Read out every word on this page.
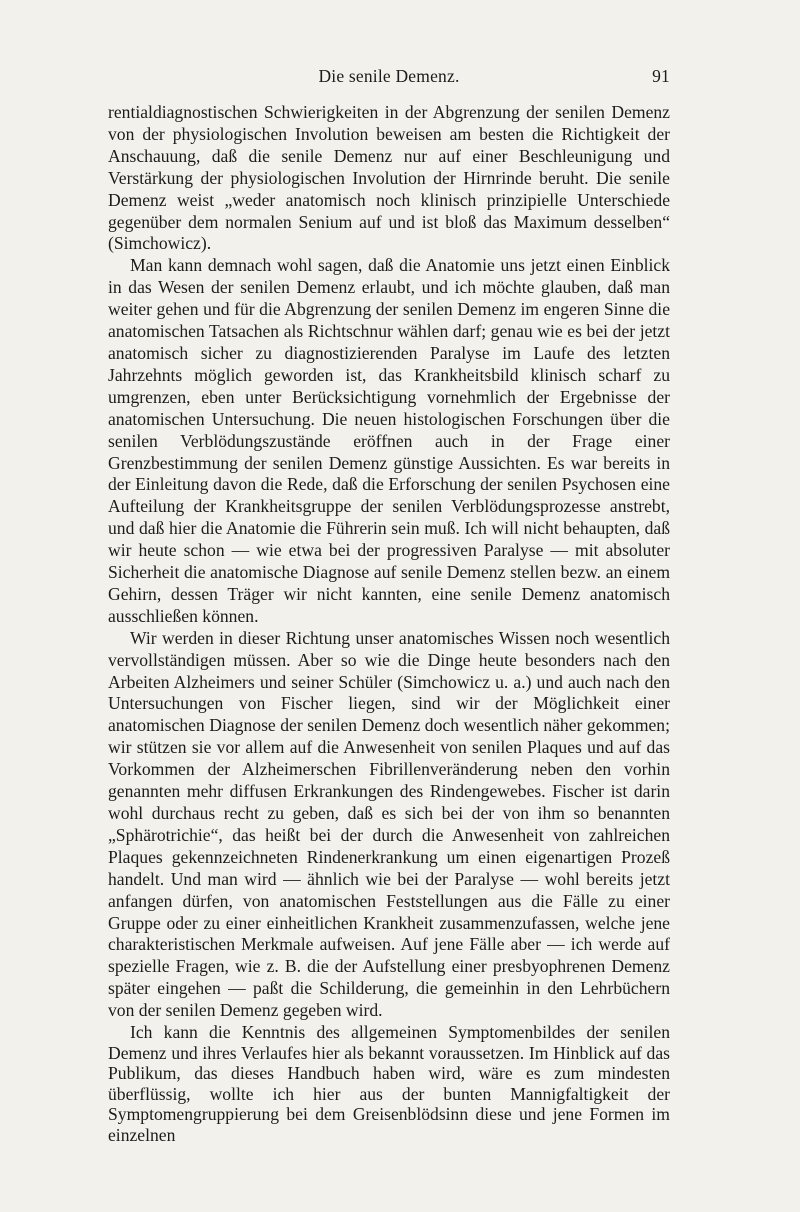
Die senile Demenz.	91

rentialdiagnostischen Schwierigkeiten in der Abgrenzung der senilen Demenz von der physiologischen Involution beweisen am besten die Richtigkeit der Anschauung, daß die senile Demenz nur auf einer Beschleunigung und Verstärkung der physiologischen Involution der Hirnrinde beruht. Die senile Demenz weist „weder anatomisch noch klinisch prinzipielle Unterschiede gegenüber dem normalen Senium auf und ist bloß das Maximum desselben“ (Simchowicz).

Man kann demnach wohl sagen, daß die Anatomie uns jetzt einen Einblick in das Wesen der senilen Demenz erlaubt, und ich möchte glauben, daß man weiter gehen und für die Abgrenzung der senilen Demenz im engeren Sinne die anatomischen Tatsachen als Richtschnur wählen darf; genau wie es bei der jetzt anatomisch sicher zu diagnostizierenden Paralyse im Laufe des letzten Jahrzehnts möglich geworden ist, das Krankheitsbild klinisch scharf zu umgrenzen, eben unter Berücksichtigung vornehmlich der Ergebnisse der anatomischen Untersuchung. Die neuen histologischen Forschungen über die senilen Verblödungszustände eröffnen auch in der Frage einer Grenzbestimmung der senilen Demenz günstige Aussichten. Es war bereits in der Einleitung davon die Rede, daß die Erforschung der senilen Psychosen eine Aufteilung der Krankheitsgruppe der senilen Verblödungsprozesse anstrebt, und daß hier die Anatomie die Führerin sein muß. Ich will nicht behaupten, daß wir heute schon — wie etwa bei der progressiven Paralyse — mit absoluter Sicherheit die anatomische Diagnose auf senile Demenz stellen bezw. an einem Gehirn, dessen Träger wir nicht kannten, eine senile Demenz anatomisch ausschließen können.

Wir werden in dieser Richtung unser anatomisches Wissen noch wesentlich vervollständigen müssen. Aber so wie die Dinge heute besonders nach den Arbeiten Alzheimers und seiner Schüler (Simchowicz u. a.) und auch nach den Untersuchungen von Fischer liegen, sind wir der Möglichkeit einer anatomischen Diagnose der senilen Demenz doch wesentlich näher gekommen; wir stützen sie vor allem auf die Anwesenheit von senilen Plaques und auf das Vorkommen der Alzheimerschen Fibrillenveränderung neben den vorhin genannten mehr diffusen Erkrankungen des Rindengewebes. Fischer ist darin wohl durchaus recht zu geben, daß es sich bei der von ihm so benannten „Sphärotrichie“, das heißt bei der durch die Anwesenheit von zahlreichen Plaques gekennzeichneten Rindenerkrankung um einen eigenartigen Prozeß handelt. Und man wird — ähnlich wie bei der Paralyse — wohl bereits jetzt anfangen dürfen, von anatomischen Feststellungen aus die Fälle zu einer Gruppe oder zu einer einheitlichen Krankheit zusammenzufassen, welche jene charakteristischen Merkmale aufweisen. Auf jene Fälle aber — ich werde auf spezielle Fragen, wie z. B. die der Aufstellung einer presbyophrenen Demenz später eingehen — paßt die Schilderung, die gemeinhin in den Lehrbüchern von der senilen Demenz gegeben wird.

Ich kann die Kenntnis des allgemeinen Symptomenbildes der senilen Demenz und ihres Verlaufes hier als bekannt voraussetzen. Im Hinblick auf das Publikum, das dieses Handbuch haben wird, wäre es zum mindesten überflüssig, wollte ich hier aus der bunten Mannigfaltigkeit der Symptomengruppierung bei dem Greisenblödsinn diese und jene Formen im einzelnen
